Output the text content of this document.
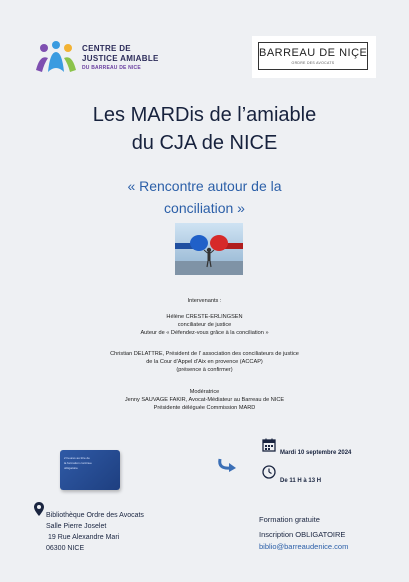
CENTRE DE
JUSTICE AMIABLE
DU BARREAU DE NICE
BARREAU DE NIÇE
ORDRE DES AVOCATS
Les MARDis de l’amiable
du CJA de NICE
« Rencontre autour de la
conciliation »
Intervenants :
Hélène CRESTE-ERLINGSEN
conciliateur de justice
Auteur de « Défendez-vous grâce à la conciliation »
Christian DELATTRE, Président de l’ association des conciliateurs de justice
de la Cour d’Appel d’Aix en provence (ACCAP)
(présence à confirmer)
Modératrice
Jenny SAUVAGE FAKIR, Avocat-Médiateur au Barreau de NICE
Présidente déléguée Commission MARD
2 heures au titre de
la formation continue
obligatoire
Mardi 10 septembre 2024
De 11 H à 13 H
Bibliothèque Ordre des Avocats
Salle Pierre Joselet
19 Rue Alexandre Mari
06300 NICE
Formation gratuite
Inscription OBLIGATOIRE
biblio@barreaudenice.com
